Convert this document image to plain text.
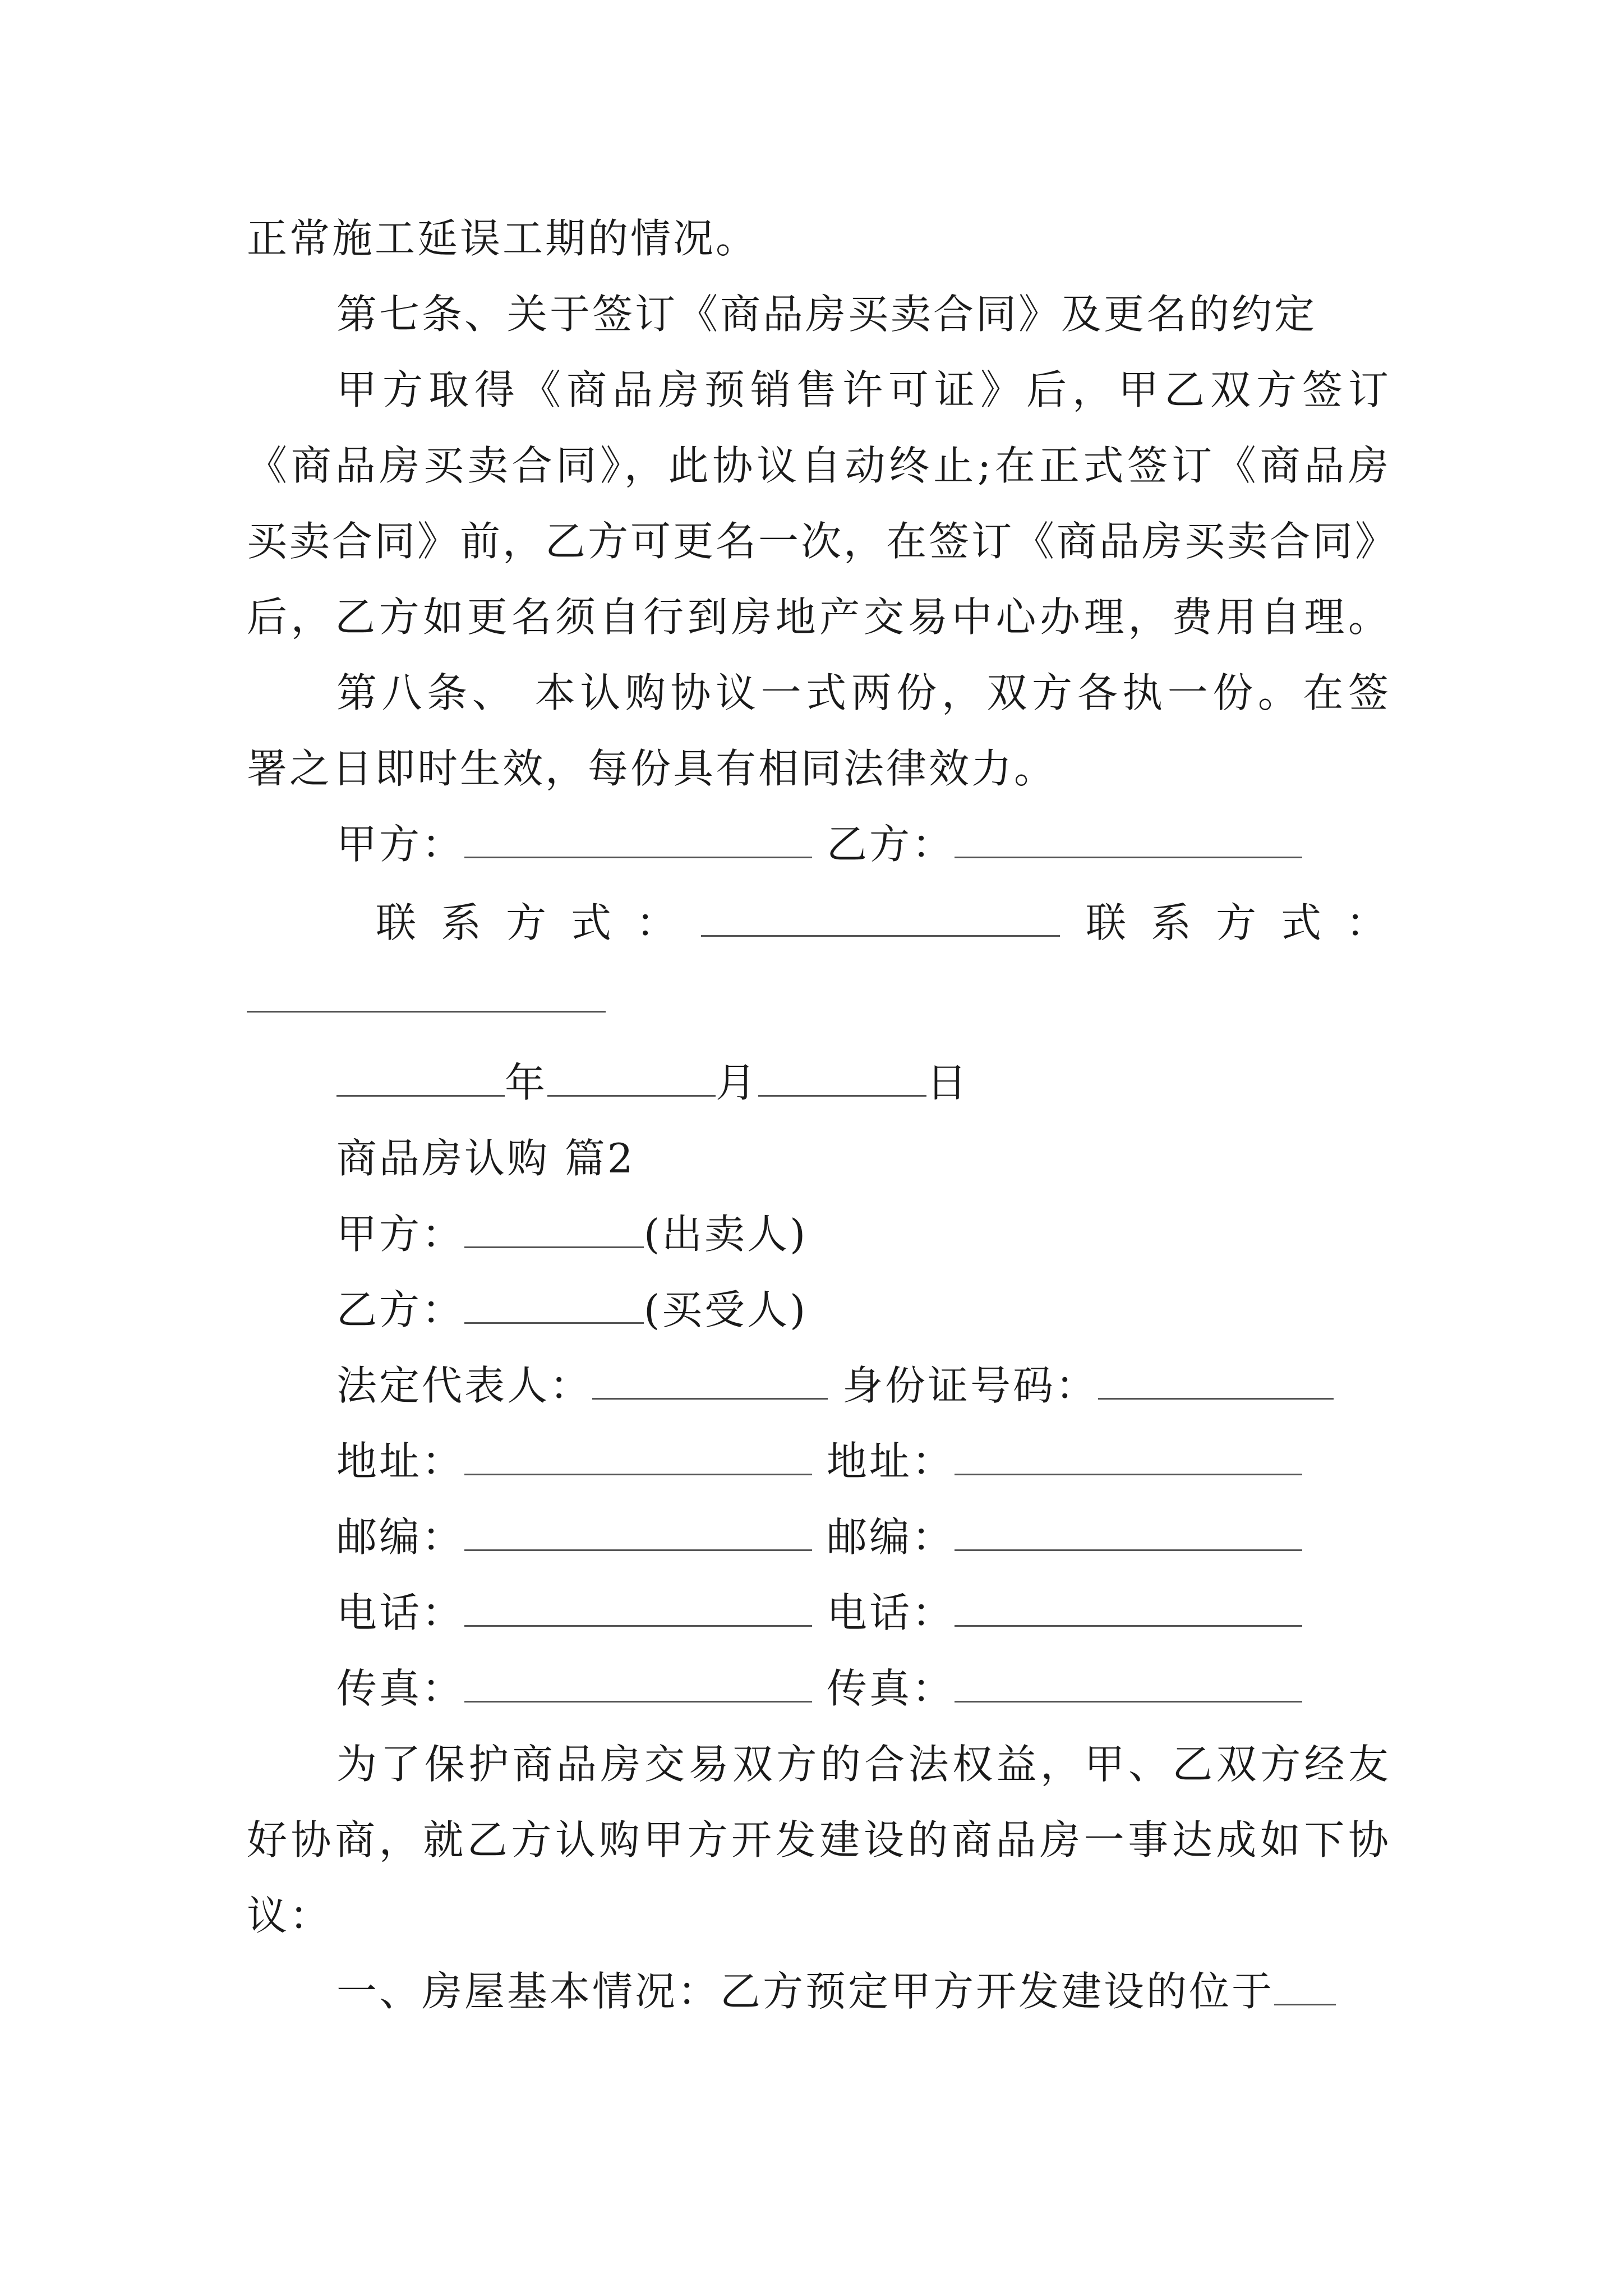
正常施工延误工期的情况。
第七条、关于签订《商品房买卖合同》及更名的约定
甲方取得《商品房预销售许可证》后，甲乙双方签订
《商品房买卖合同》，此协议自动终止;在正式签订《商品房
买卖合同》前，乙方可更名一次，在签订《商品房买卖合同》
后，乙方如更名须自行到房地产交易中心办理，费用自理。
第八条、 本认购协议一式两份，双方各执一份。在签
署之日即时生效，每份具有相同法律效力。
甲方：	乙方：
联系方式：	联系方式：
年	月	日
商品房认购 篇2
甲方：	(出卖人)
乙方：	(买受人)
法定代表人：	身份证号码：
地址：	地址：
邮编：	邮编：
电话：	电话：
传真：	传真：
为了保护商品房交易双方的合法权益，甲、乙双方经友
好协商，就乙方认购甲方开发建设的商品房一事达成如下协
议：
一、房屋基本情况：乙方预定甲方开发建设的位于
